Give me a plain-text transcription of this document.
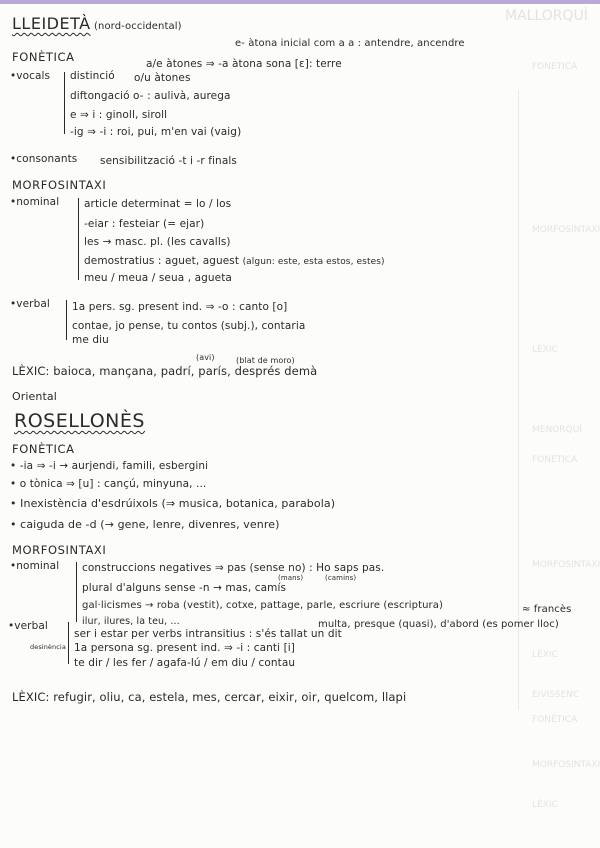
MALLORQUÍ
FONÈTICA
MORFOSINTAXI
LÈXIC
MENORQUÍ
FONÈTICA
MORFOSINTAXI
LÈXIC
EIVISSENC
FONÈTICA
MORFOSINTAXI
LÈXIC
LLEIDETÀ (nord-occidental)
e- àtona inicial com a a : antendre, ancendre
FONÈTICA
•vocals distinció
a/e àtones ⇒ -a àtona sona [ɛ]: terre
o/u àtones
diftongació o- : aulivà, aurega
e ⇒ i : ginoll, siroll
-ig ⇒ -i : roi, pui, m'en vai (vaig)
•consonants sensibilització -t i -r finals
MORFOSINTAXI
•nominal article determinat = lo / los
-eiar : festeiar (= ejar)
les → masc. pl. (les cavalls)
demostratius : aguet, aguest (algun: este, esta estos, estes)
meu / meua / seua , agueta
•verbal 1a pers. sg. present ind. ⇒ -o : canto [o]
contae, jo pense, tu contos (subj.), contaria
me diu
(avi)	(blat de moro)
LÈXIC: baioca, mançana, padrí, parís, després demà
Oriental
ROSELLONÈS
FONÈTICA
• -ia ⇒ -i → aurjendi, famili, esbergini
• o tònica ⇒ [u] : cançú, minyuna, ...
• Inexistència d'esdrúixols (⇒ musica, botanica, parabola)
• caiguda de -d (→ gene, lenre, divenres, venre)
MORFOSINTAXI
•nominal construccions negatives ⇒ pas (sense no) : Ho saps pas.
(mans)	(camins)
plural d'alguns sense -n → mas, camís
gal·licismes → roba (vestit), cotxe, pattage, parle, escriure (escriptura)	≈ francès
ilur, ilures, la teu, ...	multa, presque (quasi), d'abord (es pomer lloc)
•verbal
ser i estar per verbs intransitius : s'és tallat un dit
desinència 1a persona sg. present ind. ⇒ -i : canti [i]
te dir / les fer / agafa-lú / em diu / contau
LÈXIC: refugir, oliu, ca, estela, mes, cercar, eixir, oir, quelcom, llapi
